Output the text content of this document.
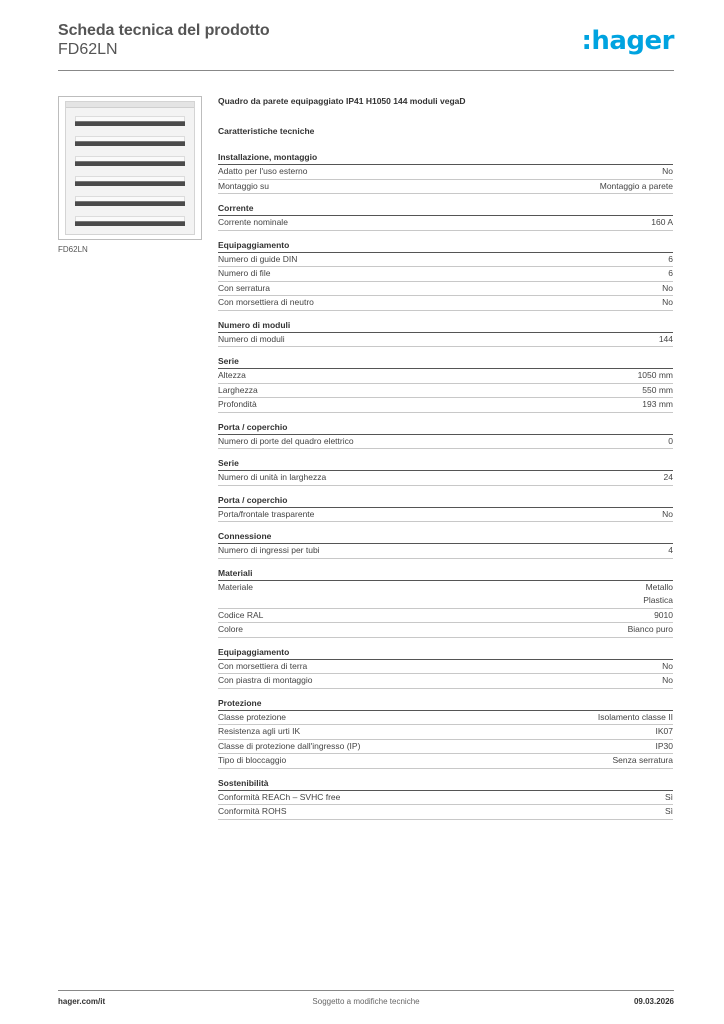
Scheda tecnica del prodotto
FD62LN	:hager
FD62LN
Quadro da parete equipaggiato IP41 H1050 144 moduli vegaD
Caratteristiche tecniche
Installazione, montaggio
Adatto per l'uso esterno	No
Montaggio su	Montaggio a parete
Corrente
Corrente nominale	160 A
Equipaggiamento
Numero di guide DIN	6
Numero di file	6
Con serratura	No
Con morsettiera di neutro	No
Numero di moduli
Numero di moduli	144
Serie
Altezza	1050 mm
Larghezza	550 mm
Profondità	193 mm
Porta / coperchio
Numero di porte del quadro elettrico	0
Serie
Numero di unità in larghezza	24
Porta / coperchio
Porta/frontale trasparente	No
Connessione
Numero di ingressi per tubi	4
Materiali
Materiale	Metallo
Plastica
Codice RAL	9010
Colore	Bianco puro
Equipaggiamento
Con morsettiera di terra	No
Con piastra di montaggio	No
Protezione
Classe protezione	Isolamento classe II
Resistenza agli urti IK	IK07
Classe di protezione dall'ingresso (IP)	IP30
Tipo di bloccaggio	Senza serratura
Sostenibilità
Conformità REACh – SVHC free	Sì
Conformità ROHS	Sì
hager.com/it	Soggetto a modifiche tecniche	09.03.2026
